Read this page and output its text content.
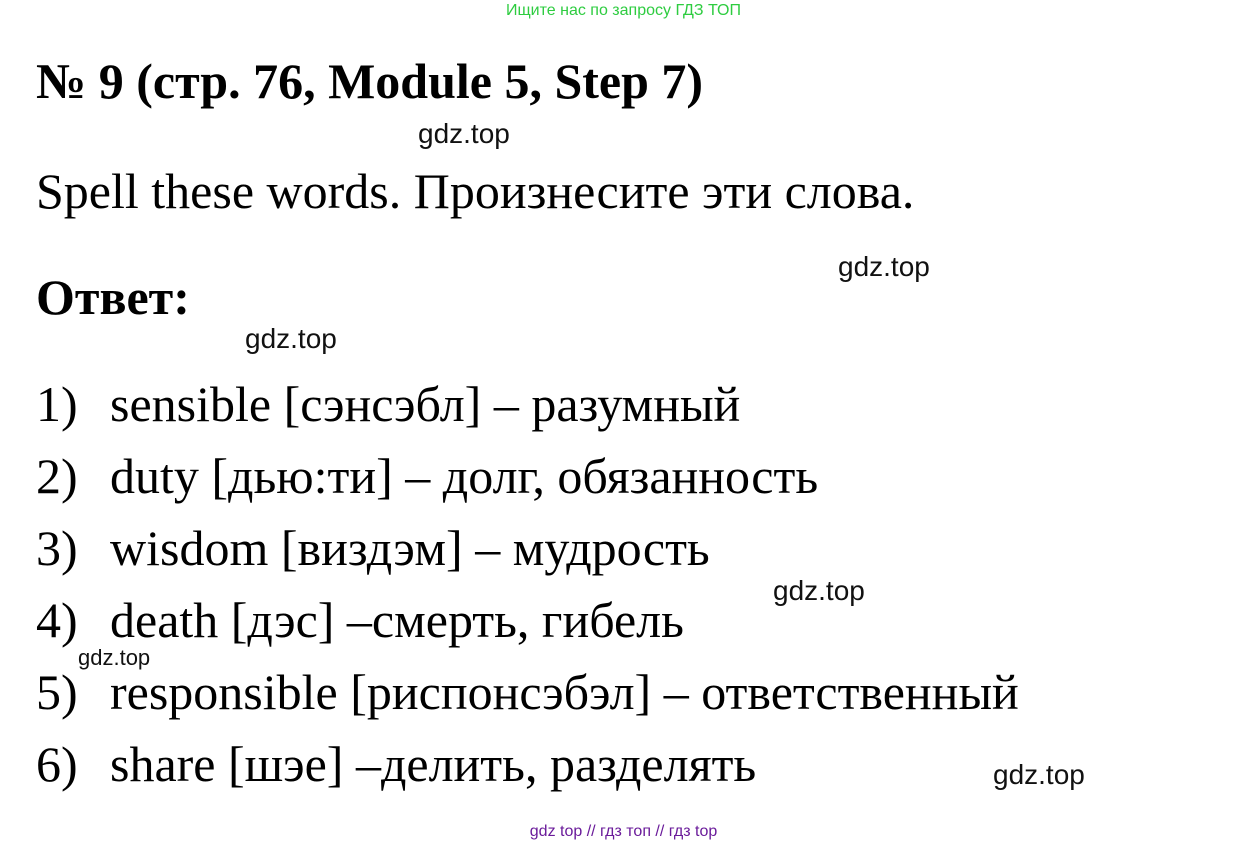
Ищите нас по запросу ГДЗ ТОП
№ 9 (стр. 76, Module 5, Step 7)
Spell these words. Произнесите эти слова.
Ответ:
1) sensible [сэнсэбл] – разумный
2) duty [дью:ти] – долг, обязанность
3) wisdom [виздэм] – мудрость
4) death [дэс] –смерть, гибель
5) responsible [риспонсэбэл] – ответственный
6) share [шэе] –делить, разделять
gdz.top
gdz.top
gdz.top
gdz.top
gdz.top
gdz.top
gdz top // гдз топ // гдз top
